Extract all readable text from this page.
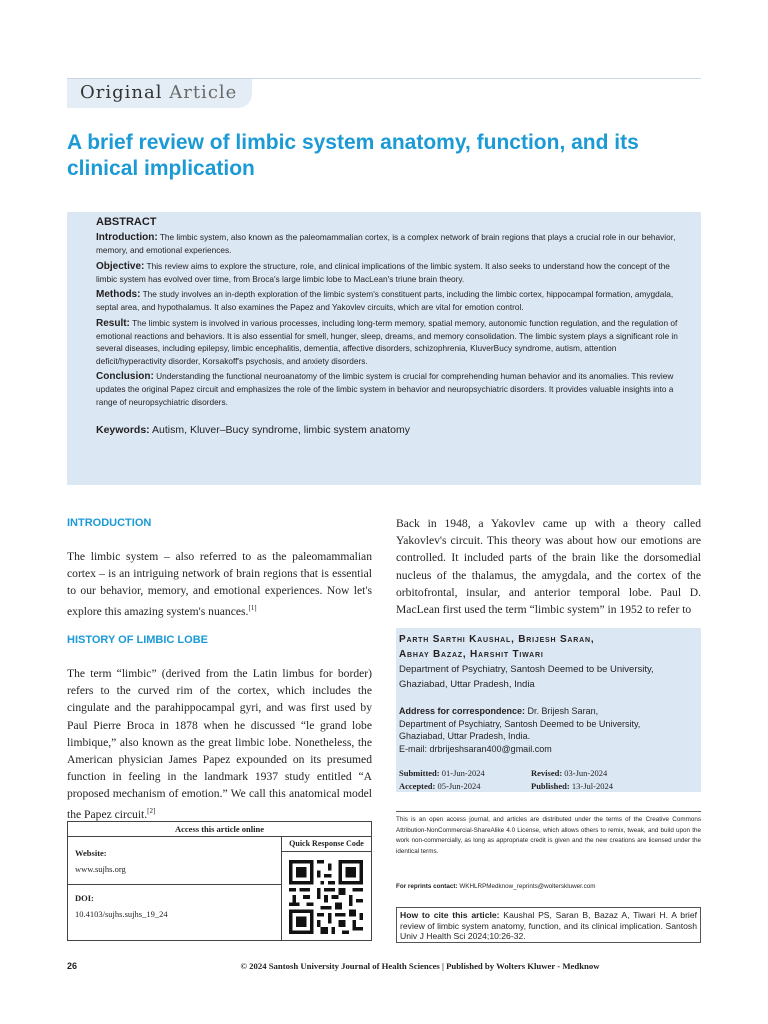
Original Article
A brief review of limbic system anatomy, function, and its clinical implication
ABSTRACT

Introduction: The limbic system, also known as the paleomammalian cortex, is a complex network of brain regions that plays a crucial role in our behavior, memory, and emotional experiences.

Objective: This review aims to explore the structure, role, and clinical implications of the limbic system. It also seeks to understand how the concept of the limbic system has evolved over time, from Broca's large limbic lobe to MacLean's triune brain theory.

Methods: The study involves an in-depth exploration of the limbic system's constituent parts, including the limbic cortex, hippocampal formation, amygdala, septal area, and hypothalamus. It also examines the Papez and Yakovlev circuits, which are vital for emotion control.

Result: The limbic system is involved in various processes, including long-term memory, spatial memory, autonomic function regulation, and the regulation of emotional reactions and behaviors. It is also essential for smell, hunger, sleep, dreams, and memory consolidation. The limbic system plays a significant role in several diseases, including epilepsy, limbic encephalitis, dementia, affective disorders, schizophrenia, KluverBucy syndrome, autism, attention deficit/hyperactivity disorder, Korsakoff's psychosis, and anxiety disorders.

Conclusion: Understanding the functional neuroanatomy of the limbic system is crucial for comprehending human behavior and its anomalies. This review updates the original Papez circuit and emphasizes the role of the limbic system in behavior and neuropsychiatric disorders. It provides valuable insights into a range of neuropsychiatric disorders.

Keywords: Autism, Kluver–Bucy syndrome, limbic system anatomy
INTRODUCTION
The limbic system – also referred to as the paleomammalian cortex – is an intriguing network of brain regions that is essential to our behavior, memory, and emotional experiences. Now let's explore this amazing system's nuances.[1]
HISTORY OF LIMBIC LOBE
The term “limbic” (derived from the Latin limbus for border) refers to the curved rim of the cortex, which includes the cingulate and the parahippocampal gyri, and was first used by Paul Pierre Broca in 1878 when he discussed “le grand lobe limbique,” also known as the great limbic lobe. Nonetheless, the American physician James Papez expounded on its presumed function in feeling in the landmark 1937 study entitled “A proposed mechanism of emotion.” We call this anatomical model the Papez circuit.[2]
Back in 1948, a Yakovlev came up with a theory called Yakovlev's circuit. This theory was about how our emotions are controlled. It included parts of the brain like the dorsomedial nucleus of the thalamus, the amygdala, and the cortex of the orbitofrontal, insular, and anterior temporal lobe. Paul D. MacLean first used the term “limbic system” in 1952 to refer to
Access this article online
Website:
www.sujhs.org
DOI:
10.4103/sujhs.sujhs_19_24
Quick Response Code
Parth Sarthi Kaushal, Brijesh Saran,
Abhay Bazaz, Harshit Tiwari
Department of Psychiatry, Santosh Deemed to be University, Ghaziabad, Uttar Pradesh, India
Address for correspondence: Dr. Brijesh Saran,
Department of Psychiatry, Santosh Deemed to be University,
Ghaziabad, Uttar Pradesh, India.
E-mail: drbrijeshsaran400@gmail.com
Submitted: 01-Jun-2024	Revised: 03-Jun-2024
Accepted: 05-Jun-2024	Published: 13-Jul-2024
This is an open access journal, and articles are distributed under the terms of the Creative Commons Attribution-NonCommercial-ShareAlike 4.0 License, which allows others to remix, tweak, and build upon the work non-commercially, as long as appropriate credit is given and the new creations are licensed under the identical terms.
For reprints contact: WKHLRPMedknow_reprints@wolterskluwer.com
How to cite this article: Kaushal PS, Saran B, Bazaz A, Tiwari H. A brief review of limbic system anatomy, function, and its clinical implication. Santosh Univ J Health Sci 2024;10:26-32.
26	© 2024 Santosh University Journal of Health Sciences | Published by Wolters Kluwer - Medknow
